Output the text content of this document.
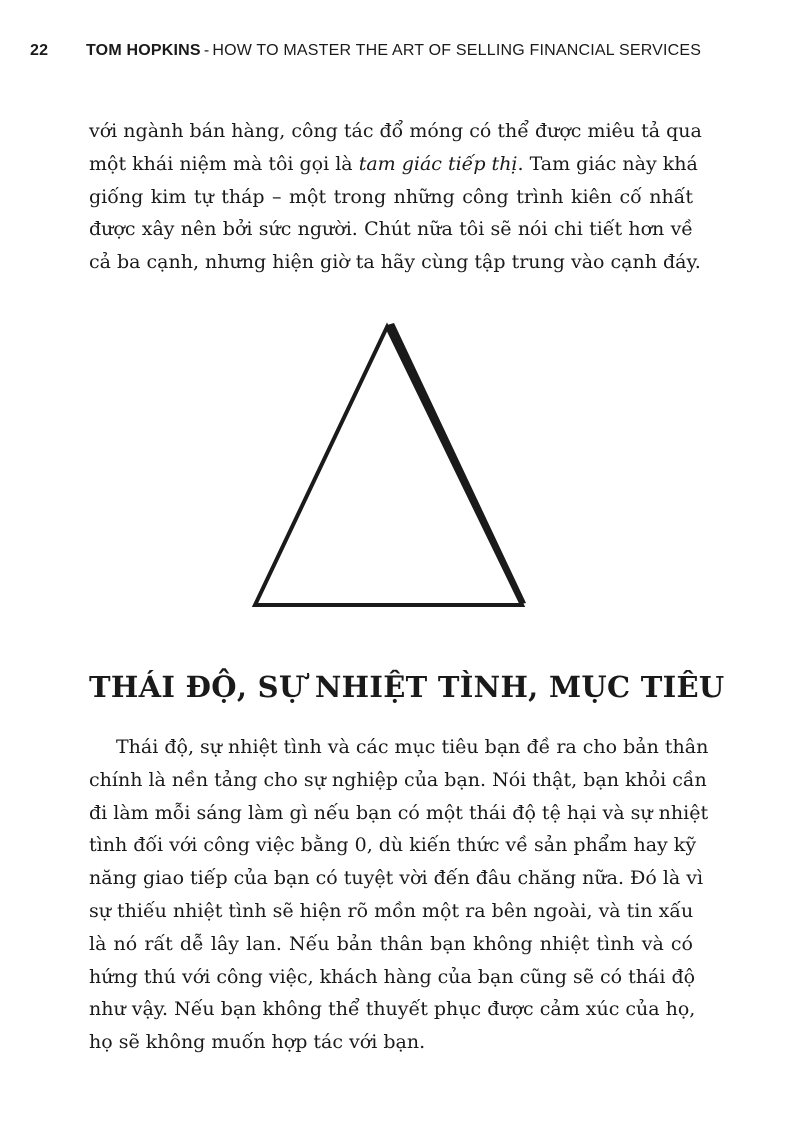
22 TOM HOPKINS - HOW TO MASTER THE ART OF SELLING FINANCIAL SERVICES

với ngành bán hàng, công tác đổ móng có thể được miêu tả qua
một khái niệm mà tôi gọi là tam giác tiếp thị. Tam giác này khá
giống kim tự tháp – một trong những công trình kiên cố nhất
được xây nên bởi sức người. Chút nữa tôi sẽ nói chi tiết hơn về
cả ba cạnh, nhưng hiện giờ ta hãy cùng tập trung vào cạnh đáy.

THÁI ĐỘ, SỰ NHIỆT TÌNH, MỤC TIÊU

Thái độ, sự nhiệt tình và các mục tiêu bạn đề ra cho bản thân
chính là nền tảng cho sự nghiệp của bạn. Nói thật, bạn khỏi cần
đi làm mỗi sáng làm gì nếu bạn có một thái độ tệ hại và sự nhiệt
tình đối với công việc bằng 0, dù kiến thức về sản phẩm hay kỹ
năng giao tiếp của bạn có tuyệt vời đến đâu chăng nữa. Đó là vì
sự thiếu nhiệt tình sẽ hiện rõ mồn một ra bên ngoài, và tin xấu
là nó rất dễ lây lan. Nếu bản thân bạn không nhiệt tình và có
hứng thú với công việc, khách hàng của bạn cũng sẽ có thái độ
như vậy. Nếu bạn không thể thuyết phục được cảm xúc của họ,
họ sẽ không muốn hợp tác với bạn.
